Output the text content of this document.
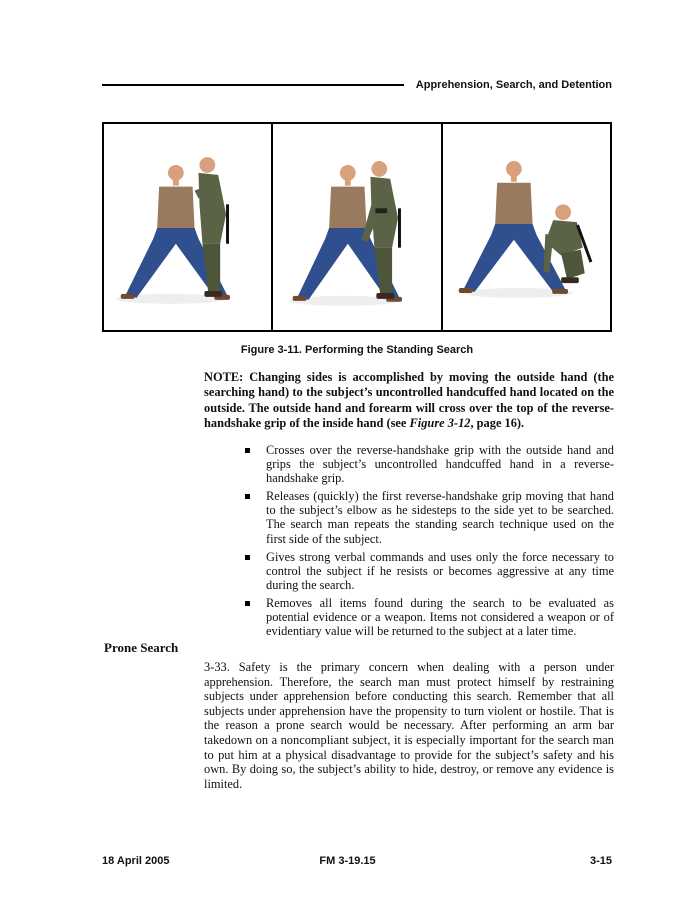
Apprehension, Search, and Detention
Figure 3-11. Performing the Standing Search
NOTE: Changing sides is accomplished by moving the outside hand (the searching hand) to the subject’s uncontrolled handcuffed hand located on the outside. The outside hand and forearm will cross over the top of the reverse-handshake grip of the inside hand (see Figure 3-12, page 16).
Crosses over the reverse-handshake grip with the outside hand and grips the subject’s uncontrolled handcuffed hand in a reverse-handshake grip.
Releases (quickly) the first reverse-handshake grip moving that hand to the subject’s elbow as he sidesteps to the side yet to be searched. The search man repeats the standing search technique used on the first side of the subject.
Gives strong verbal commands and uses only the force necessary to control the subject if he resists or becomes aggressive at any time during the search.
Removes all items found during the search to be evaluated as potential evidence or a weapon. Items not considered a weapon or of evidentiary value will be returned to the subject at a later time.
Prone Search
3-33. Safety is the primary concern when dealing with a person under apprehension. Therefore, the search man must protect himself by restraining subjects under apprehension before conducting this search. Remember that all subjects under apprehension have the propensity to turn violent or hostile. That is the reason a prone search would be necessary. After performing an arm bar takedown on a noncompliant subject, it is especially important for the search man to put him at a physical disadvantage to provide for the subject’s safety and his own. By doing so, the subject’s ability to hide, destroy, or remove any evidence is limited.
18 April 2005	FM 3-19.15	3-15
